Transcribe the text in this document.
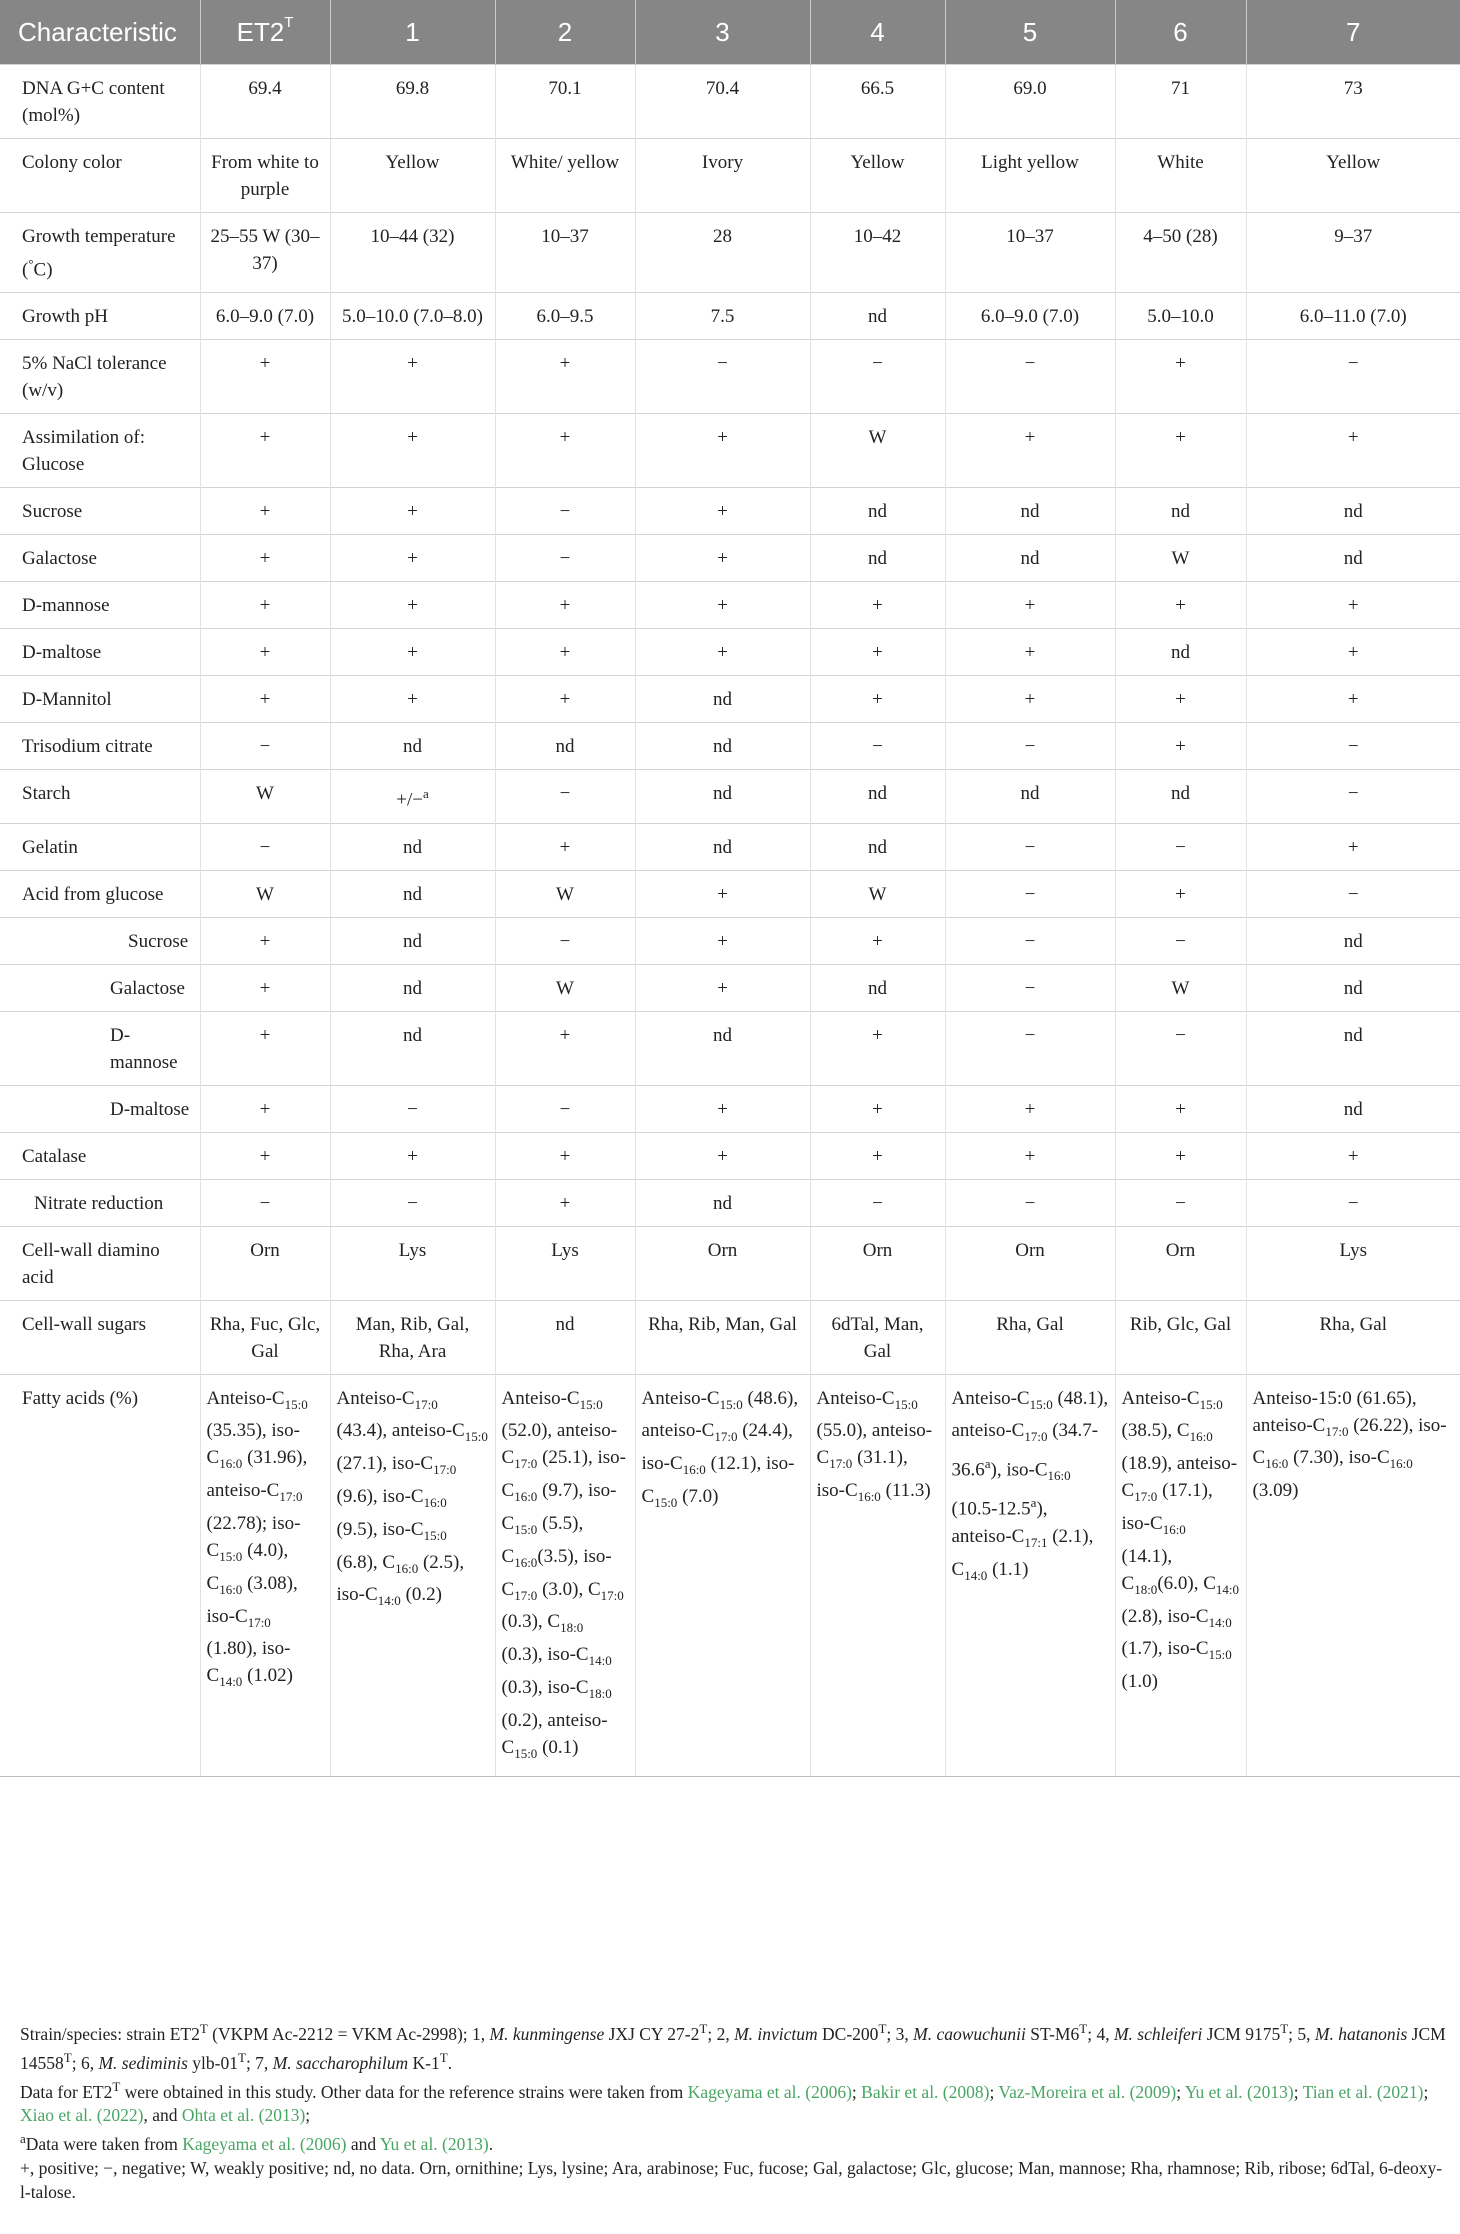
Characteristic	$ET2^T$	1	2	3	4	5	6	7
DNA G+C content (mol%)	69.4	69.8	70.1	70.4	66.5	69.0	71	73
Colony color	From white to purple	Yellow	White/ yellow	Ivory	Yellow	Light yellow	White	Yellow
Growth temperature (°C)	25–55 W (30–37)	10–44 (32)	10–37	28	10–42	10–37	4–50 (28)	9–37
Growth pH	6.0–9.0 (7.0)	5.0–10.0 (7.0–8.0)	6.0–9.5	7.5	nd	6.0–9.0 (7.0)	5.0–10.0	6.0–11.0 (7.0)
5% NaCl tolerance (w/v)	+	+	+	−	−	−	+	−
Assimilation of: Glucose	+	+	+	+	W	+	+	+
Sucrose	+	+	−	+	nd	nd	nd	nd
Galactose	+	+	−	+	nd	nd	W	nd
D-mannose	+	+	+	+	+	+	+	+
D-maltose	+	+	+	+	+	+	nd	+
D-Mannitol	+	+	+	nd	+	+	+	+
Trisodium citrate	−	nd	nd	nd	−	−	+	−
Starch	W	+/−$^a$	−	nd	nd	nd	nd	−
Gelatin	−	nd	+	nd	nd	−	−	+
Acid from glucose	W	nd	W	+	W	−	+	−
Sucrose	+	nd	−	+	+	−	−	nd
Galactose	+	nd	W	+	nd	−	W	nd
D-mannose	+	nd	+	nd	+	−	−	nd
D-maltose	+	−	−	+	+	+	+	nd
Catalase	+	+	+	+	+	+	+	+
Nitrate reduction	−	−	+	nd	−	−	−	−
Cell-wall diamino acid	Orn	Lys	Lys	Orn	Orn	Orn	Orn	Lys
Cell-wall sugars	Rha, Fuc, Glc, Gal	Man, Rib, Gal, Rha, Ara	nd	Rha, Rib, Man, Gal	6dTal, Man, Gal	Rha, Gal	Rib, Glc, Gal	Rha, Gal
Fatty acids (%)	Anteiso-$C_{15:0}$ (35.35), iso-$C_{16:0}$ (31.96), anteiso-$C_{17:0}$ (22.78); iso-$C_{15:0}$ (4.0), $C_{16:0}$ (3.08), iso-$C_{17:0}$ (1.80), iso-$C_{14:0}$ (1.02)	Anteiso-$C_{17:0}$ (43.4), anteiso-$C_{15:0}$ (27.1), iso-$C_{17:0}$ (9.6), iso-$C_{16:0}$ (9.5), iso-$C_{15:0}$ (6.8), $C_{16:0}$ (2.5), iso-$C_{14:0}$ (0.2)	Anteiso-$C_{15:0}$ (52.0), anteiso-$C_{17:0}$ (25.1), iso-$C_{16:0}$ (9.7), iso-$C_{15:0}$ (5.5), $C_{16:0}(3.5)$, iso-$C_{17:0}$ (3.0), $C_{17:0}$ (0.3), $C_{18:0}$ (0.3), iso-$C_{14:0}$ (0.3), iso-$C_{18:0}$ (0.2), anteiso-$C_{15:0}$ (0.1)	Anteiso-$C_{15:0}$ (48.6), anteiso-$C_{17:0}$ (24.4), iso-$C_{16:0}$ (12.1), iso-$C_{15:0}$ (7.0)	Anteiso-$C_{15:0}$ (55.0), anteiso-$C_{17:0}$ (31.1), iso-$C_{16:0}$ (11.3)	Anteiso-$C_{15:0}$ (48.1), anteiso-$C_{17:0}$ (34.7-36.6$^a$), iso-$C_{16:0}$ (10.5-12.5$^a$), anteiso-$C_{17:1}$ (2.1), $C_{14:0}$ (1.1)	Anteiso-$C_{15:0}$ (38.5), $C_{16:0}$ (18.9), anteiso-$C_{17:0}$ (17.1), iso-$C_{16:0}$ (14.1), $C_{18:0}(6.0)$, $C_{14:0}$ (2.8), iso-$C_{14:0}$ (1.7), iso-$C_{15:0}$ (1.0)	Anteiso-15:0 (61.65), anteiso-$C_{17:0}$ (26.22), iso-$C_{16:0}$ (7.30), iso-$C_{16:0}$ (3.09)

Strain/species: strain $ET2^T$ (VKPM Ac-2212 = VKM Ac-2998); 1, M. kunmingense JXJ CY $27-2^T$; 2, M. invictum $DC-200^T$; 3, M. caowuchunii $ST-M6^T$; 4, M. schleiferi JCM $9175^T$; 5, M. hatanonis JCM $14558^T$; 6, M. sediminis ylb-$01^T$; 7, M. saccharophilum $K-1^T$.

Data for $ET2^T$ were obtained in this study. Other data for the reference strains were taken from Kageyama et al. (2006); Bakir et al. (2008); Vaz-Moreira et al. (2009); Yu et al. (2013); Tian et al. (2021); Xiao et al. (2022), and Ohta et al. (2013);

$^a$Data were taken from Kageyama et al. (2006) and Yu et al. (2013).

+, positive; −, negative; W, weakly positive; nd, no data. Orn, ornithine; Lys, lysine; Ara, arabinose; Fuc, fucose; Gal, galactose; Glc, glucose; Man, mannose; Rha, rhamnose; Rib, ribose; 6dTal, 6-deoxy-l-talose.
